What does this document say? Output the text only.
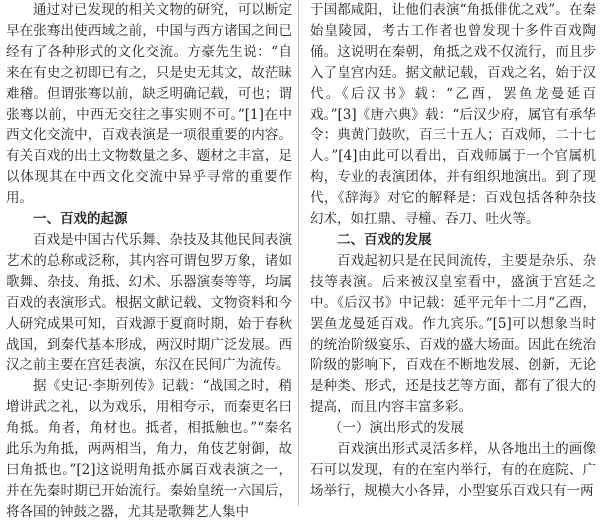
通过对已发现的相关文物的研究，可以断定早在张骞出使西域之前，中国与西方诸国之间已经有了各种形式的文化交流。方豪先生说：“自来在有史之初即已有之，只是史无其文，故茫昧难稽。但谓张骞以前，缺乏明确记载，可也；谓张骞以前，中西无交往之事实则不可。”[1]在中西文化交流中，百戏表演是一项很重要的内容。有关百戏的出土文物数量之多、题材之丰富，足以体现其在中西文化交流中异乎寻常的重要作用。

一、百戏的起源

百戏是中国古代乐舞、杂技及其他民间表演艺术的总称或泛称，其内容可谓包罗万象，诸如歌舞、杂技、角抵、幻术、乐器演奏等等，均属百戏的表演形式。根据文献记载、文物资料和今人研究成果可知，百戏源于夏商时期，始于春秋战国，到秦代基本形成，两汉时期广泛发展。西汉之前主要在宫廷表演，东汉在民间广为流传。

据《史记·李斯列传》记载：“战国之时，稍增讲武之礼，以为戏乐，用相夸示，而秦更名曰角抵。角者，角材也。抵者，相抵触也。”“秦名此乐为角抵，两两相当，角力，角伎艺射御，故曰角抵也。”[2]这说明角抵亦属百戏表演之一，并在先秦时期已开始流行。秦始皇统一六国后，将各国的钟鼓之器，尤其是歌舞艺人集中

于国都咸阳，让他们表演“角抵俳优之戏”。在秦始皇陵园，考古工作者也曾发现十多件百戏陶俑。这说明在秦朝，角抵之戏不仅流行，而且步入了皇宫内廷。据文献记载，百戏之名，始于汉代。《后汉书》载：“乙酉，罢鱼龙曼延百戏。”[3]《唐六典》载：“后汉少府，属官有承华令：典黄门鼓吹，百三十五人；百戏师，二十七人。”[4]由此可以看出，百戏师属于一个官属机构，专业的表演团体，并有组织地演出。到了现代，《辞海》对它的解释是：百戏包括各种杂技幻术，如扛鼎、寻橦、吞刀、吐火等。

二、百戏的发展

百戏起初只是在民间流传，主要是杂乐、杂技等表演。后来被汉皇室看中，盛演于宫廷之中。《后汉书》中记载：延平元年十二月“乙酉，罢鱼龙曼延百戏。作九宾乐。”[5]可以想象当时的统治阶级宴乐、百戏的盛大场面。因此在统治阶级的影响下，百戏在不断地发展、创新，无论是种类、形式，还是技艺等方面，都有了很大的提高，而且内容丰富多彩。

（一）演出形式的发展

百戏演出形式灵活多样，从各地出土的画像石可以发现，有的在室内举行，有的在庭院、广场举行，规模大小各异，小型宴乐百戏只有一两
